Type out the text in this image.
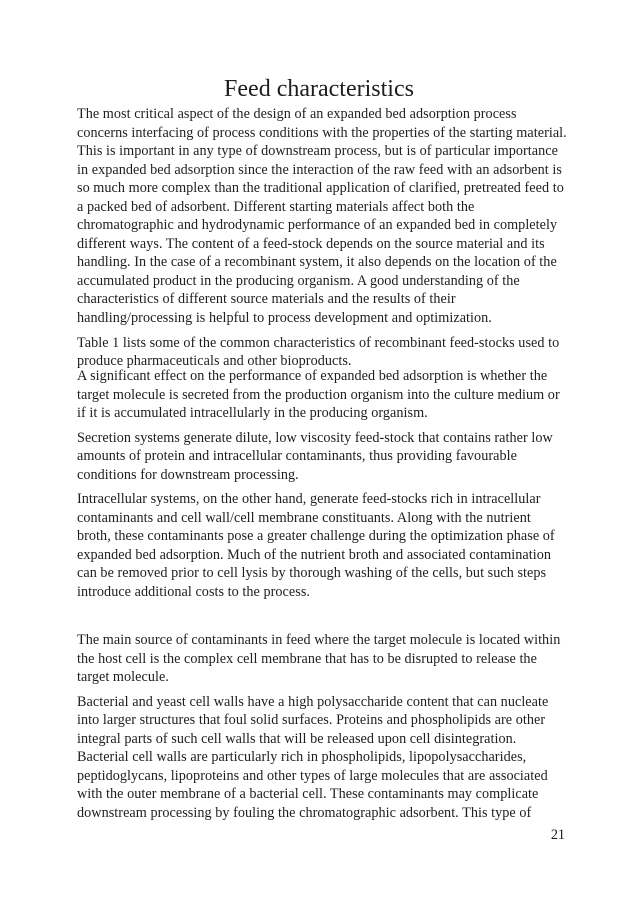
Feed characteristics

The most critical aspect of the design of an expanded bed adsorption process concerns interfacing of process conditions with the properties of the starting material. This is important in any type of downstream process, but is of particular importance in expanded bed adsorption since the interaction of the raw feed with an adsorbent is so much more complex than the traditional application of clarified, pretreated feed to a packed bed of adsorbent. Different starting materials affect both the chromatographic and hydrodynamic performance of an expanded bed in completely different ways. The content of a feed-stock depends on the source material and its handling. In the case of a recombinant system, it also depends on the location of the accumulated product in the producing organism. A good understanding of the characteristics of different source materials and the results of their handling/processing is helpful to process development and optimization.

Table 1 lists some of the common characteristics of recombinant feed-stocks used to produce pharmaceuticals and other bioproducts.

A significant effect on the performance of expanded bed adsorption is whether the target molecule is secreted from the production organism into the culture medium or if it is accumulated intracellularly in the producing organism.

Secretion systems generate dilute, low viscosity feed-stock that contains rather low amounts of protein and intracellular contaminants, thus providing favourable conditions for downstream processing.

Intracellular systems, on the other hand, generate feed-stocks rich in intracellular contaminants and cell wall/cell membrane constituants. Along with the nutrient broth, these contaminants pose a greater challenge during the optimization phase of expanded bed adsorption. Much of the nutrient broth and associated contamination can be removed prior to cell lysis by thorough washing of the cells, but such steps introduce additional costs to the process.

The main source of contaminants in feed where the target molecule is located within the host cell is the complex cell membrane that has to be disrupted to release the target molecule.

Bacterial and yeast cell walls have a high polysaccharide content that can nucleate into larger structures that foul solid surfaces. Proteins and phospholipids are other integral parts of such cell walls that will be released upon cell disintegration. Bacterial cell walls are particularly rich in phospholipids, lipopolysaccharides, peptidoglycans, lipoproteins and other types of large molecules that are associated with the outer membrane of a bacterial cell. These contaminants may complicate downstream processing by fouling the chromatographic adsorbent. This type of

21
